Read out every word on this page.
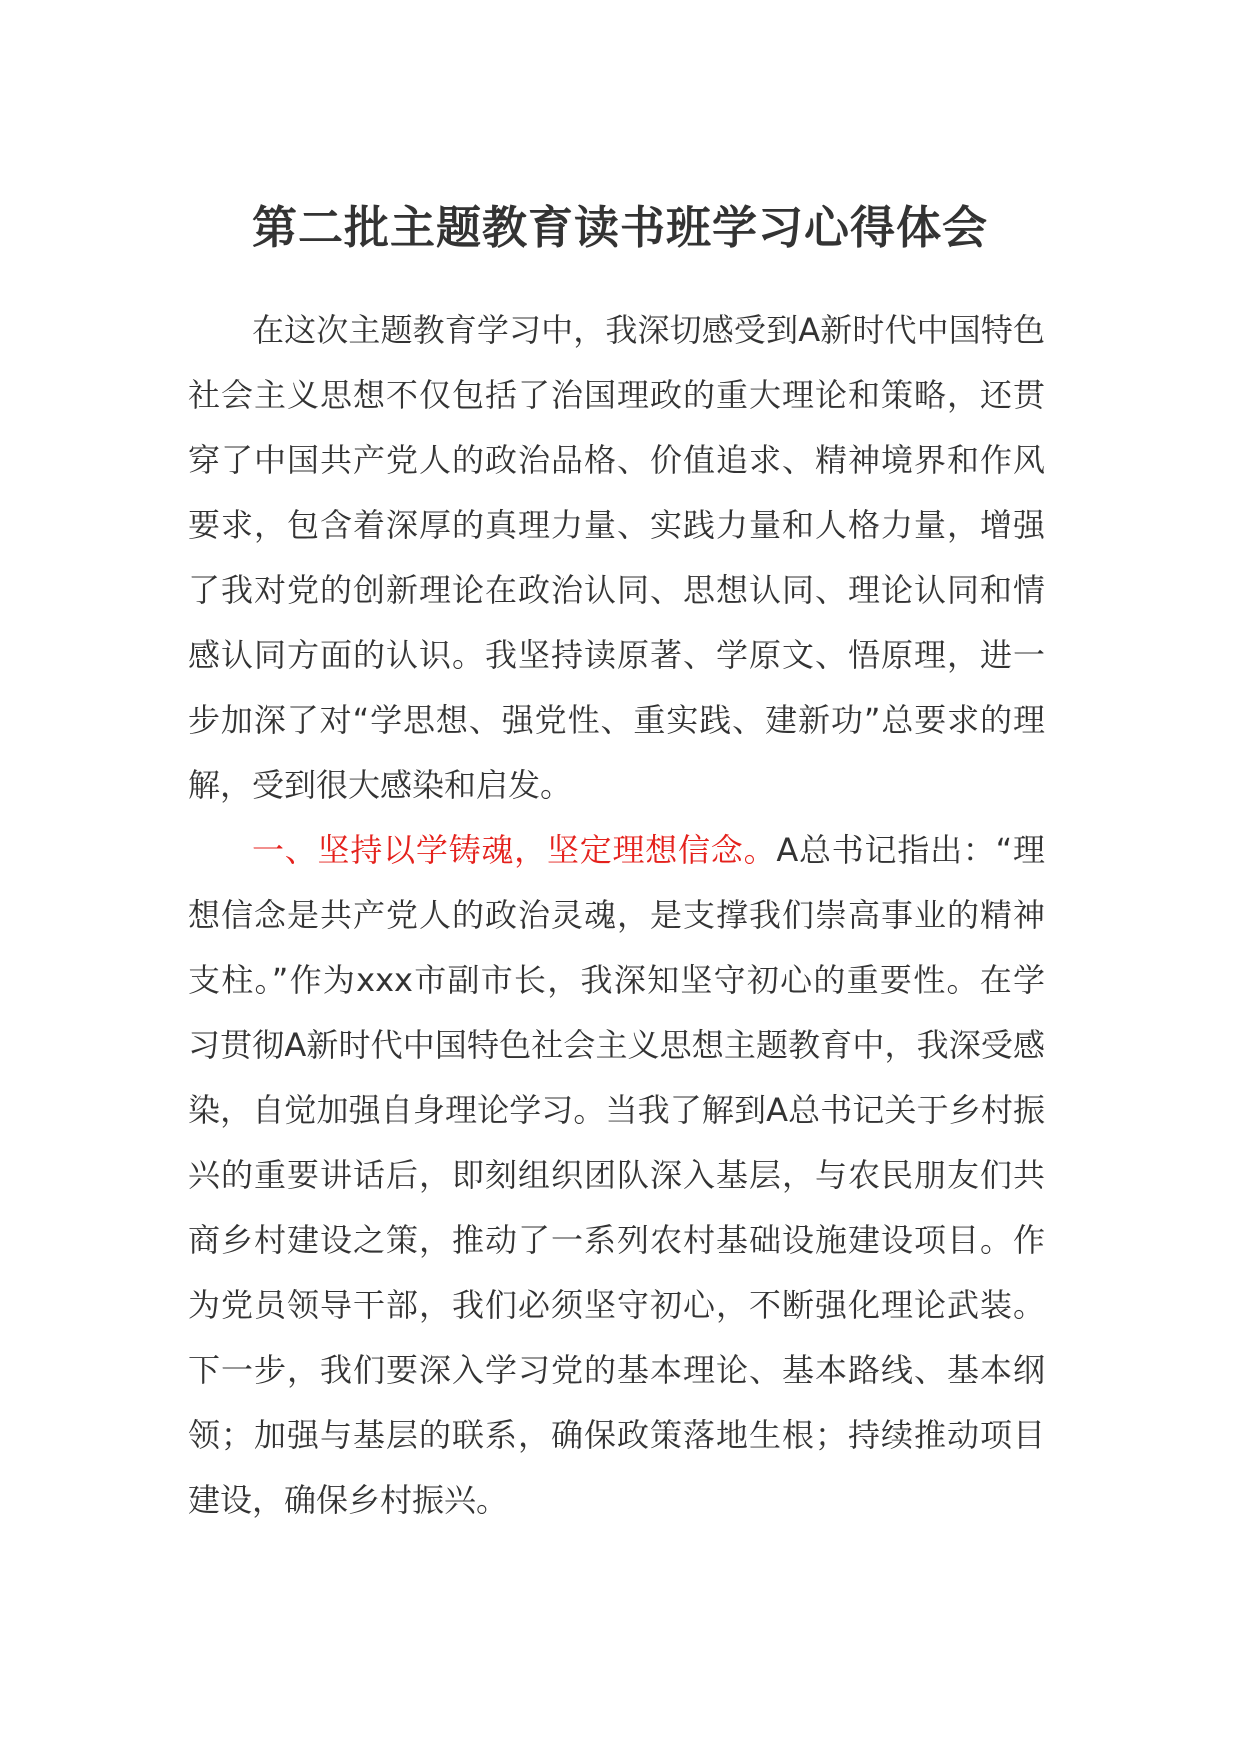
第二批主题教育读书班学习心得体会

在这次主题教育学习中，我深切感受到A新时代中国特色社会主义思想不仅包括了治国理政的重大理论和策略，还贯穿了中国共产党人的政治品格、价值追求、精神境界和作风要求，包含着深厚的真理力量、实践力量和人格力量，增强了我对党的创新理论在政治认同、思想认同、理论认同和情感认同方面的认识。我坚持读原著、学原文、悟原理，进一步加深了对“学思想、强党性、重实践、建新功”总要求的理解，受到很大感染和启发。

一、坚持以学铸魂，坚定理想信念。A总书记指出：“理想信念是共产党人的政治灵魂，是支撑我们崇高事业的精神支柱。”作为xxx市副市长，我深知坚守初心的重要性。在学习贯彻A新时代中国特色社会主义思想主题教育中，我深受感染，自觉加强自身理论学习。当我了解到A总书记关于乡村振兴的重要讲话后，即刻组织团队深入基层，与农民朋友们共商乡村建设之策，推动了一系列农村基础设施建设项目。作为党员领导干部，我们必须坚守初心，不断强化理论武装。下一步，我们要深入学习党的基本理论、基本路线、基本纲领；加强与基层的联系，确保政策落地生根；持续推动项目建设，确保乡村振兴。
